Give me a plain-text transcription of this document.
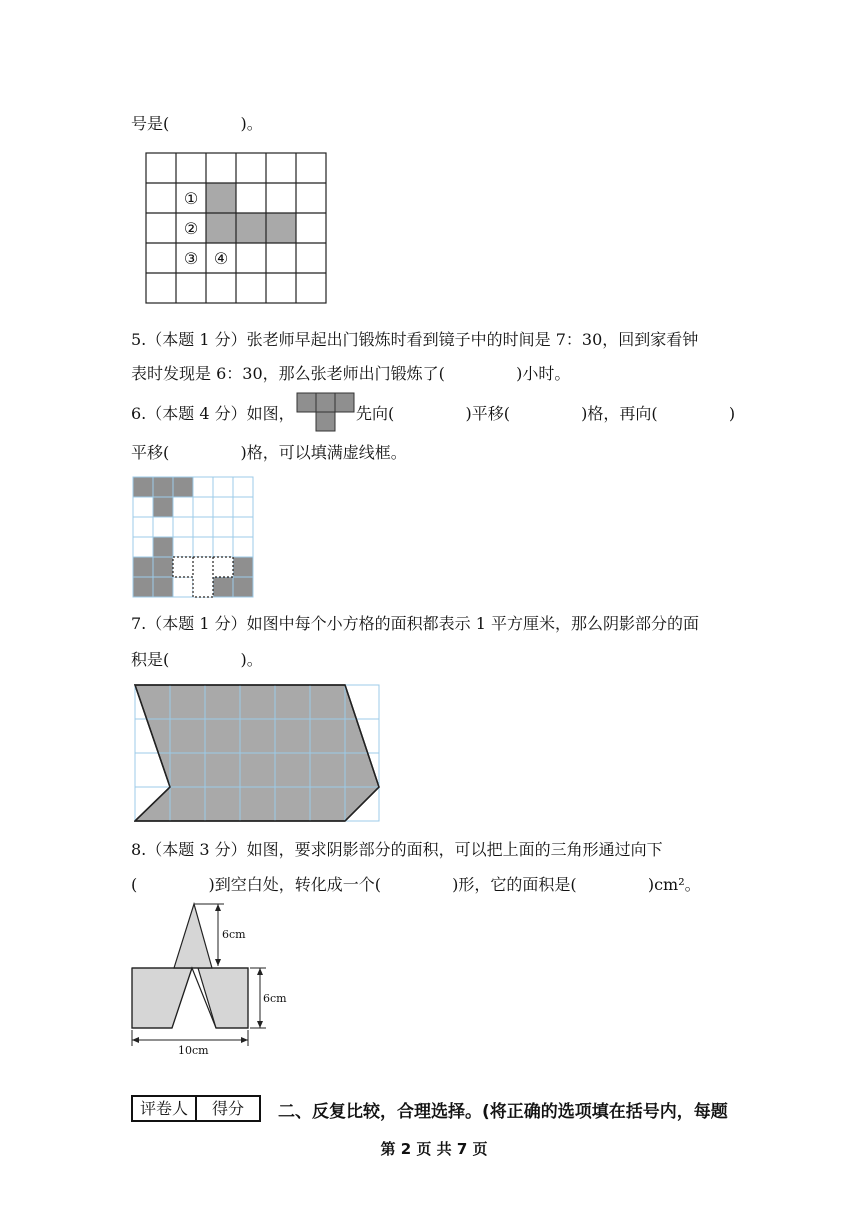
号是(              )。
①
②
③ ④
5.（本题 1 分）张老师早起出门锻炼时看到镜子中的时间是 7：30，回到家看钟
表时发现是 6：30，那么张老师出门锻炼了(              )小时。
6.（本题 4 分）如图，	先向(              )平移(              )格，再向(              )
平移(              )格，可以填满虚线框。
7.（本题 1 分）如图中每个小方格的面积都表示 1 平方厘米，那么阴影部分的面
积是(              )。
8.（本题 3 分）如图，要求阴影部分的面积，可以把上面的三角形通过向下
(              )到空白处，转化成一个(              )形，它的面积是(              )cm²。
6cm
6cm
10cm
评卷人	得分	二、反复比较，合理选择。(将正确的选项填在括号内，每题
第 2 页 共 7 页
